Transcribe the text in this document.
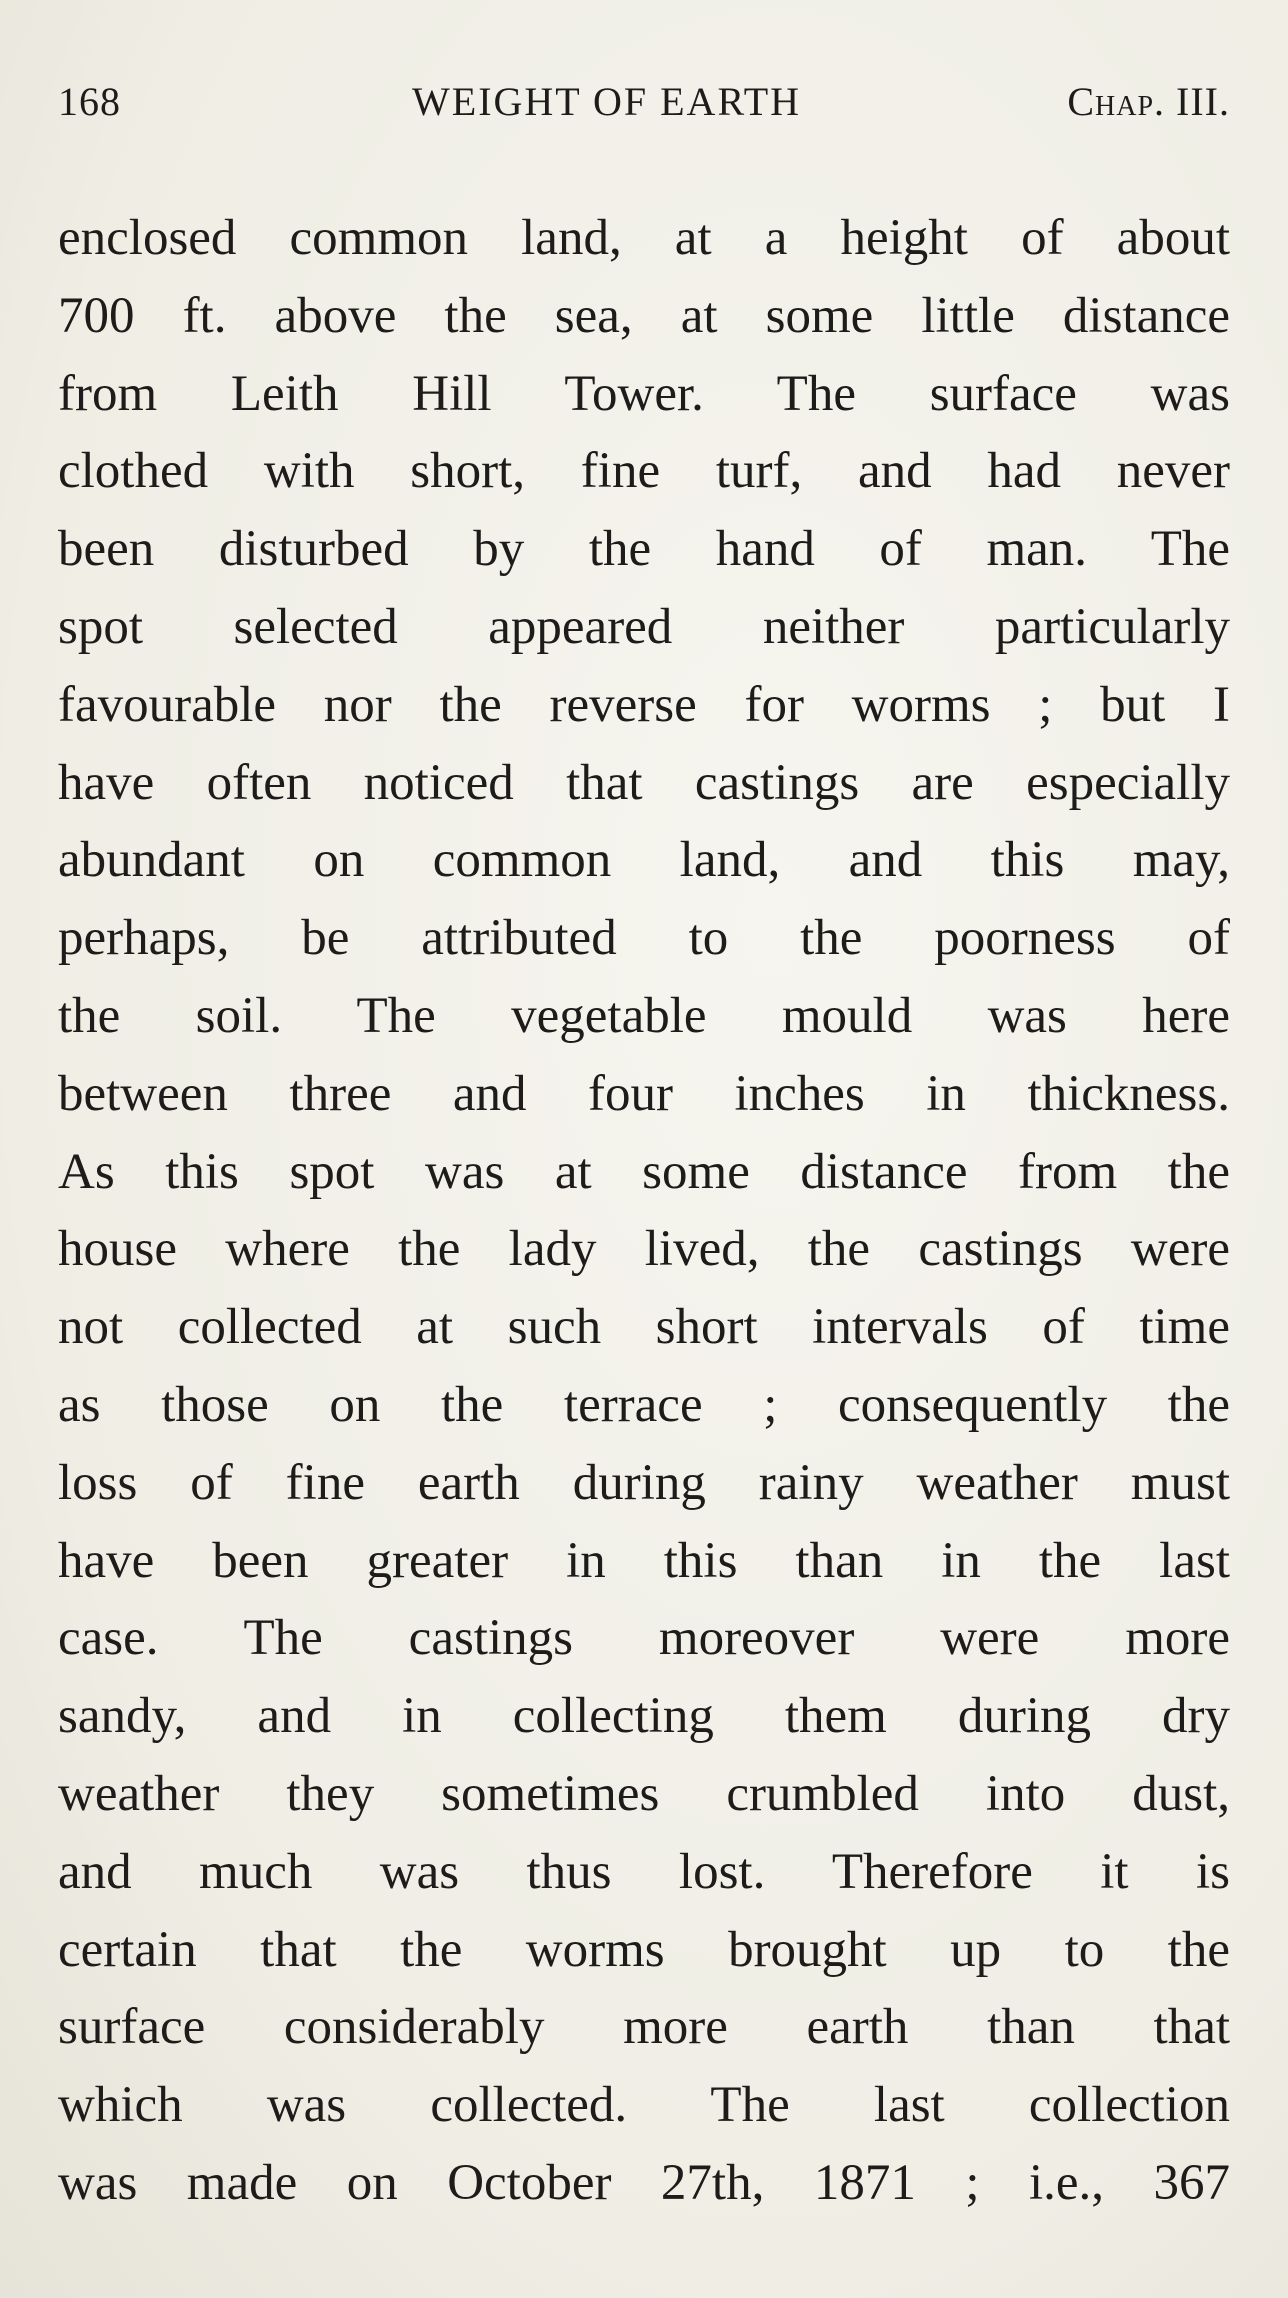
168	WEIGHT OF EARTH	Chap. III.
enclosed common land, at a height of about
700 ft. above the sea, at some little distance
from Leith Hill Tower. The surface was
clothed with short, fine turf, and had never
been disturbed by the hand of man. The
spot selected appeared neither particularly
favourable nor the reverse for worms ; but I
have often noticed that castings are especially
abundant on common land, and this may,
perhaps, be attributed to the poorness of
the soil. The vegetable mould was here
between three and four inches in thickness.
As this spot was at some distance from the
house where the lady lived, the castings were
not collected at such short intervals of time
as those on the terrace ; consequently the
loss of fine earth during rainy weather must
have been greater in this than in the last
case. The castings moreover were more
sandy, and in collecting them during dry
weather they sometimes crumbled into dust,
and much was thus lost. Therefore it is
certain that the worms brought up to the
surface considerably more earth than that
which was collected. The last collection
was made on October 27th, 1871 ; i.e., 367
